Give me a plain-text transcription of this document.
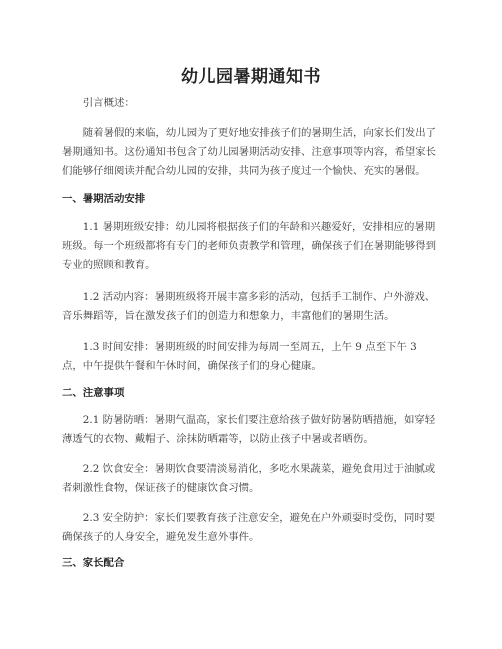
幼儿园暑期通知书
引言概述：
随着暑假的来临，幼儿园为了更好地安排孩子们的暑期生活，向家长们发出了暑期通知书。这份通知书包含了幼儿园暑期活动安排、注意事项等内容，希望家长们能够仔细阅读并配合幼儿园的安排，共同为孩子度过一个愉快、充实的暑假。
一、暑期活动安排
1.1 暑期班级安排：幼儿园将根据孩子们的年龄和兴趣爱好，安排相应的暑期班级。每一个班级都将有专门的老师负责教学和管理，确保孩子们在暑期能够得到专业的照顾和教育。
1.2 活动内容：暑期班级将开展丰富多彩的活动，包括手工制作、户外游戏、音乐舞蹈等，旨在激发孩子们的创造力和想象力，丰富他们的暑期生活。
1.3 时间安排：暑期班级的时间安排为每周一至周五，上午 9 点至下午 3 点，中午提供午餐和午休时间，确保孩子们的身心健康。
二、注意事项
2.1 防暑防晒：暑期气温高，家长们要注意给孩子做好防暑防晒措施，如穿轻薄透气的衣物、戴帽子、涂抹防晒霜等，以防止孩子中暑或者晒伤。
2.2 饮食安全：暑期饮食要清淡易消化，多吃水果蔬菜，避免食用过于油腻或者刺激性食物，保证孩子的健康饮食习惯。
2.3 安全防护：家长们要教育孩子注意安全，避免在户外顽耍时受伤，同时要确保孩子的人身安全，避免发生意外事件。
三、家长配合
